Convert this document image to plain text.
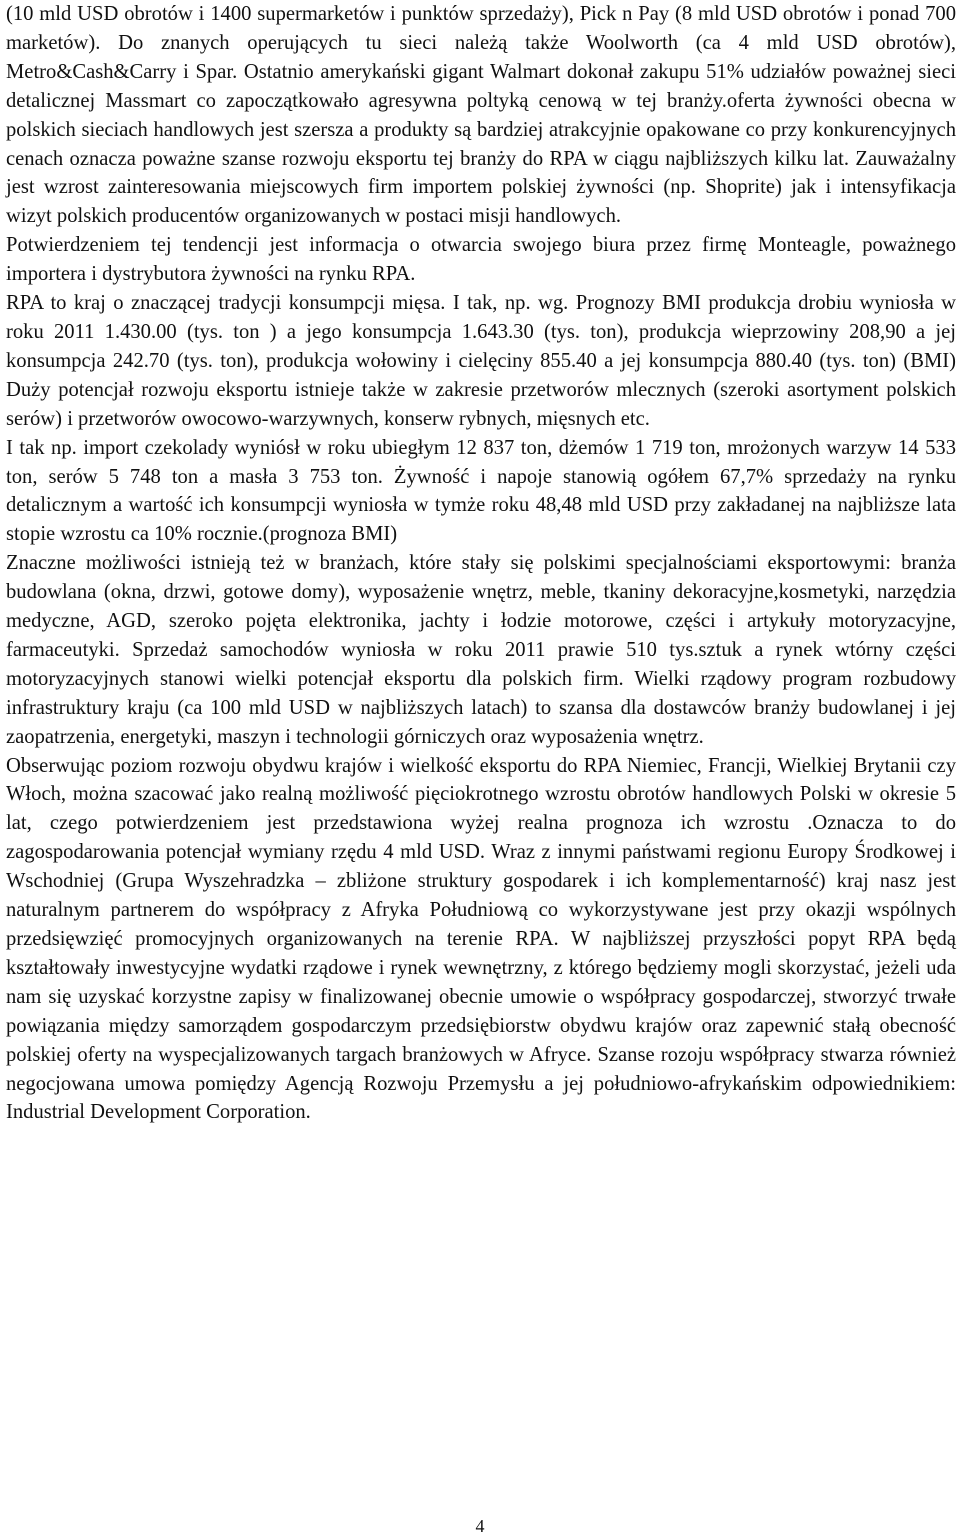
(10 mld USD obrotów i 1400 supermarketów i punktów sprzedaży), Pick n Pay (8 mld USD obrotów i ponad 700 marketów). Do znanych operujących tu sieci należą także Woolworth (ca 4 mld USD obrotów), Metro&Cash&Carry i Spar. Ostatnio amerykański gigant Walmart dokonał zakupu 51% udziałów poważnej sieci detalicznej Massmart co zapoczątkowało agresywna poltyką cenową w tej branży.oferta żywności obecna w polskich sieciach handlowych jest szersza a produkty są bardziej atrakcyjnie opakowane co przy konkurencyjnych cenach oznacza poważne szanse rozwoju eksportu tej branży do RPA w ciągu najbliższych kilku lat. Zauważalny jest wzrost zainteresowania miejscowych firm importem polskiej żywności (np. Shoprite) jak i intensyfikacja wizyt polskich producentów organizowanych w postaci misji handlowych.

Potwierdzeniem tej tendencji jest informacja o otwarcia swojego biura przez firmę Monteagle, poważnego importera i dystrybutora żywności na rynku RPA.

RPA to kraj o znaczącej tradycji konsumpcji mięsa. I tak, np. wg. Prognozy BMI produkcja drobiu wyniosła w roku 2011 1.430.00 (tys. ton ) a jego konsumpcja 1.643.30 (tys. ton), produkcja wieprzowiny 208,90 a jej konsumpcja 242.70 (tys. ton), produkcja wołowiny i cielęciny 855.40 a jej konsumpcja 880.40 (tys. ton) (BMI) Duży potencjał rozwoju eksportu istnieje także w zakresie przetworów mlecznych (szeroki asortyment polskich serów) i przetworów owocowo-warzywnych, konserw rybnych, mięsnych etc.

I tak np. import czekolady wyniósł w roku ubiegłym 12 837 ton, dżemów 1 719 ton, mrożonych warzyw 14 533 ton, serów 5 748 ton a masła 3 753 ton. Żywność i napoje stanowią ogółem 67,7% sprzedaży na rynku detalicznym a wartość ich konsumpcji wyniosła w tymże roku 48,48 mld USD przy zakładanej na najbliższe lata stopie wzrostu ca 10% rocznie.(prognoza BMI)

Znaczne możliwości istnieją też w branżach, które stały się polskimi specjalnościami eksportowymi: branża budowlana (okna, drzwi, gotowe domy), wyposażenie wnętrz, meble, tkaniny dekoracyjne,kosmetyki, narzędzia medyczne, AGD, szeroko pojęta elektronika, jachty i łodzie motorowe, części i artykuły motoryzacyjne, farmaceutyki. Sprzedaż samochodów wyniosła w roku 2011 prawie 510 tys.sztuk a rynek wtórny części motoryzacyjnych stanowi wielki potencjał eksportu dla polskich firm. Wielki rządowy program rozbudowy infrastruktury kraju (ca 100 mld USD w najbliższych latach) to szansa dla dostawców branży budowlanej i jej zaopatrzenia, energetyki, maszyn i technologii górniczych oraz wyposażenia wnętrz.

Obserwując poziom rozwoju obydwu krajów i wielkość eksportu do RPA Niemiec, Francji, Wielkiej Brytanii czy Włoch, można szacować jako realną możliwość pięciokrotnego wzrostu obrotów handlowych Polski w okresie 5 lat, czego potwierdzeniem jest przedstawiona wyżej realna prognoza ich wzrostu .Oznacza to do zagospodarowania potencjał wymiany rzędu 4 mld USD. Wraz z innymi państwami regionu Europy Środkowej i Wschodniej (Grupa Wyszehradzka – zbliżone struktury gospodarek i ich komplementarność) kraj nasz jest naturalnym partnerem do współpracy z Afryka Południową co wykorzystywane jest przy okazji wspólnych przedsięwzięć promocyjnych organizowanych na terenie RPA. W najbliższej przyszłości popyt RPA będą kształtowały inwestycyjne wydatki rządowe i rynek wewnętrzny, z którego będziemy mogli skorzystać, jeżeli uda nam się uzyskać korzystne zapisy w finalizowanej obecnie umowie o współpracy gospodarczej, stworzyć trwałe powiązania między samorządem gospodarczym przedsiębiorstw obydwu krajów oraz zapewnić stałą obecność polskiej oferty na wyspecjalizowanych targach branżowych w Afryce. Szanse rozoju współpracy stwarza również negocjowana umowa pomiędzy Agencją Rozwoju Przemysłu a jej południowo-afrykańskim odpowiednikiem: Industrial Development Corporation.

4
